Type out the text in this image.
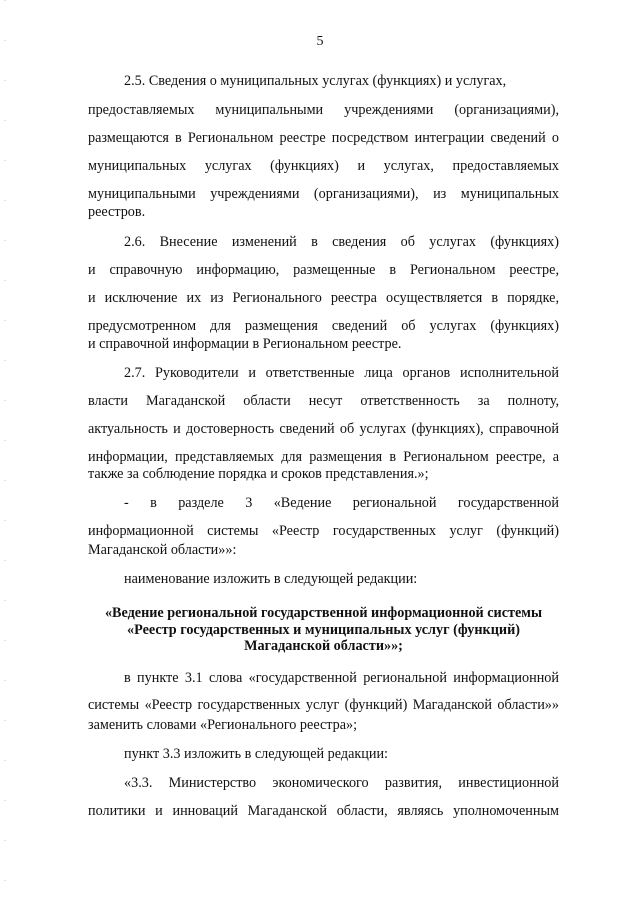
5
2.5. Сведения о муниципальных услугах (функциях) и услугах,
предоставляемых муниципальными учреждениями (организациями),
размещаются в Региональном реестре посредством интеграции сведений о
муниципальных услугах (функциях) и услугах, предоставляемых
муниципальными учреждениями (организациями), из муниципальных
реестров.
2.6. Внесение изменений в сведения об услугах (функциях)
и справочную информацию, размещенные в Региональном реестре,
и исключение их из Регионального реестра осуществляется в порядке,
предусмотренном для размещения сведений об услугах (функциях)
и справочной информации в Региональном реестре.
2.7. Руководители и ответственные лица органов исполнительной
власти Магаданской области несут ответственность за полноту,
актуальность и достоверность сведений об услугах (функциях), справочной
информации, представляемых для размещения в Региональном реестре, а
также за соблюдение порядка и сроков представления.»;
- в разделе 3 «Ведение региональной государственной
информационной системы «Реестр государственных услуг (функций)
Магаданской области»»:
наименование изложить в следующей редакции:
«Ведение региональной государственной информационной системы
«Реестр государственных и муниципальных услуг (функций)
Магаданской области»»;
в пункте 3.1 слова «государственной региональной информационной
системы «Реестр государственных услуг (функций) Магаданской области»»
заменить словами «Регионального реестра»;
пункт 3.3 изложить в следующей редакции:
«3.3. Министерство экономического развития, инвестиционной
политики и инноваций Магаданской области, являясь уполномоченным
